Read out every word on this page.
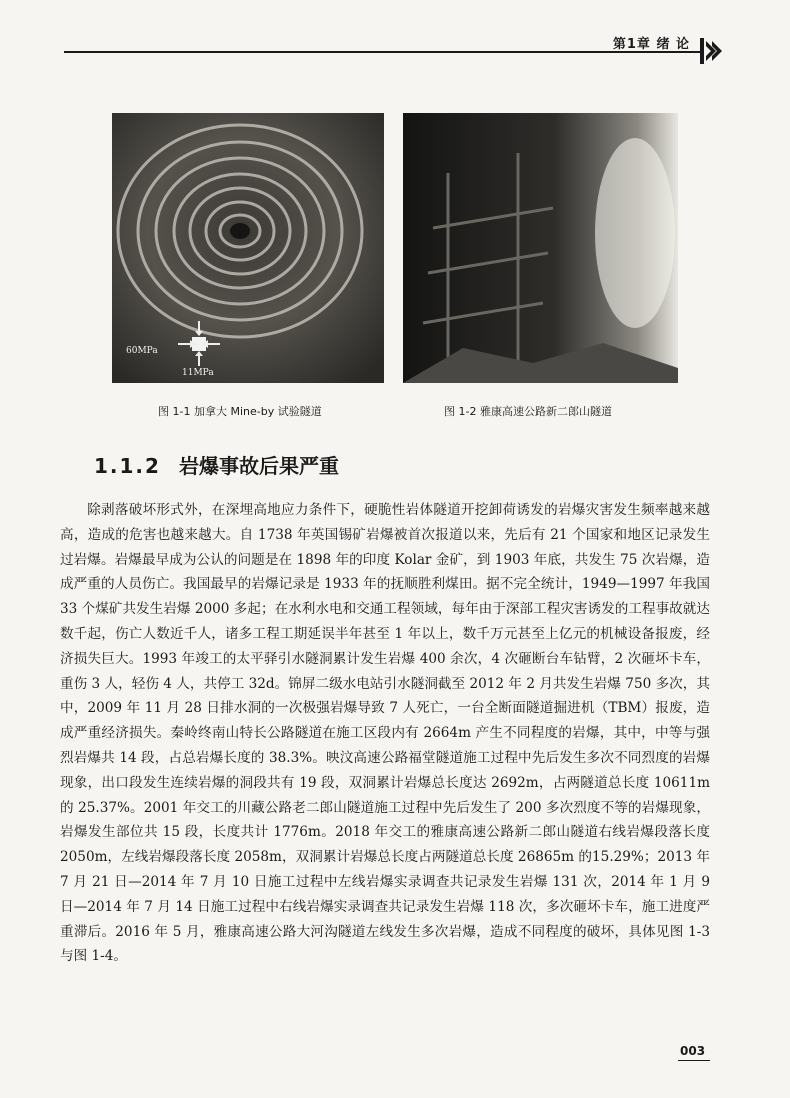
第1章 绪 论
60MPa
11MPa
图 1-1 加拿大 Mine-by 试验隧道	图 1-2 雅康高速公路新二郎山隧道
1.1.2 岩爆事故后果严重
除剥落破坏形式外，在深埋高地应力条件下，硬脆性岩体隧道开挖卸荷诱发的岩爆灾害发生频率越来越高，造成的危害也越来越大。自 1738 年英国锡矿岩爆被首次报道以来，先后有 21 个国家和地区记录发生过岩爆。岩爆最早成为公认的问题是在 1898 年的印度 Kolar 金矿，到 1903 年底，共发生 75 次岩爆，造成严重的人员伤亡。我国最早的岩爆记录是 1933 年的抚顺胜利煤田。据不完全统计，1949—1997 年我国 33 个煤矿共发生岩爆 2000 多起；在水利水电和交通工程领域，每年由于深部工程灾害诱发的工程事故就达数千起，伤亡人数近千人，诸多工程工期延误半年甚至 1 年以上，数千万元甚至上亿元的机械设备报废，经济损失巨大。1993 年竣工的太平驿引水隧洞累计发生岩爆 400 余次，4 次砸断台车钻臂，2 次砸坏卡车，重伤 3 人，轻伤 4 人，共停工 32d。锦屏二级水电站引水隧洞截至 2012 年 2 月共发生岩爆 750 多次，其中，2009 年 11 月 28 日排水洞的一次极强岩爆导致 7 人死亡，一台全断面隧道掘进机（TBM）报废，造成严重经济损失。秦岭终南山特长公路隧道在施工区段内有 2664m 产生不同程度的岩爆，其中，中等与强烈岩爆共 14 段，占总岩爆长度的 38.3%。映汶高速公路福堂隧道施工过程中先后发生多次不同烈度的岩爆现象，出口段发生连续岩爆的洞段共有 19 段，双洞累计岩爆总长度达 2692m，占两隧道总长度 10611m 的 25.37%。2001 年交工的川藏公路老二郎山隧道施工过程中先后发生了 200 多次烈度不等的岩爆现象，岩爆发生部位共 15 段，长度共计 1776m。2018 年交工的雅康高速公路新二郎山隧道右线岩爆段落长度 2050m，左线岩爆段落长度 2058m，双洞累计岩爆总长度占两隧道总长度 26865m 的15.29%；2013 年 7 月 21 日—2014 年 7 月 10 日施工过程中左线岩爆实录调查共记录发生岩爆 131 次，2014 年 1 月 9 日—2014 年 7 月 14 日施工过程中右线岩爆实录调查共记录发生岩爆 118 次，多次砸坏卡车，施工进度严重滞后。2016 年 5 月，雅康高速公路大河沟隧道左线发生多次岩爆，造成不同程度的破坏，具体见图 1-3 与图 1-4。
003
